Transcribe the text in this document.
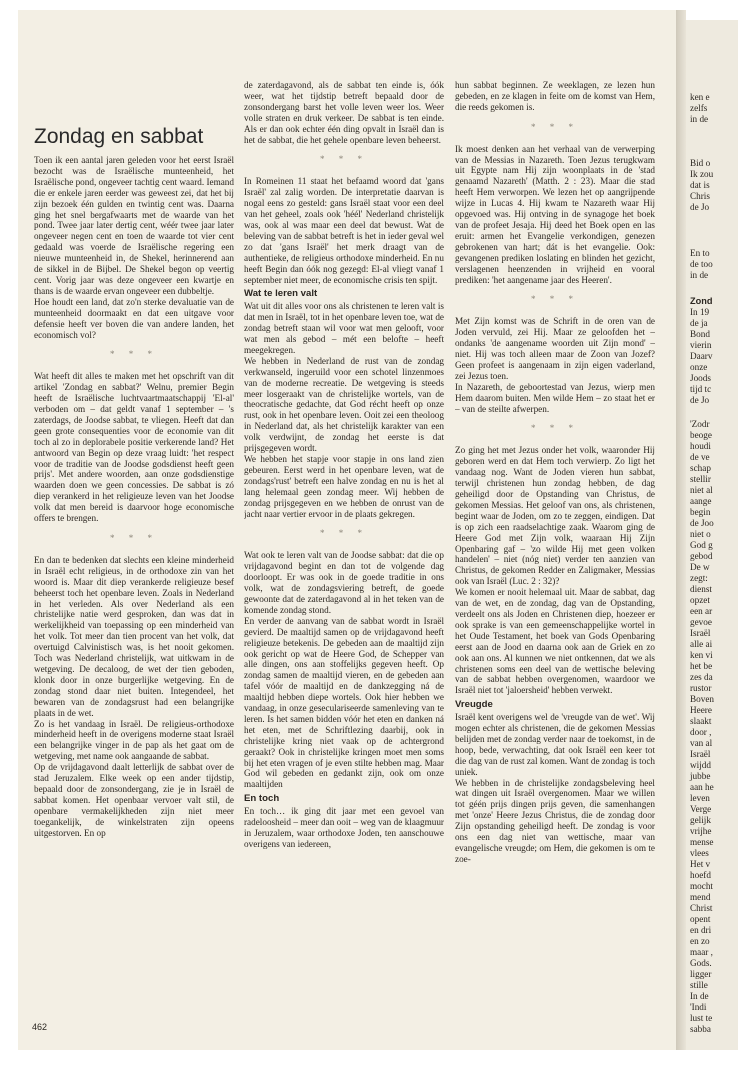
ken e
zelfs
in de
Bid o
Ik zou
dat is
Chris
de Jo
En to
de too
in de
Zond
In 19
de ja
Bond
vierin
Daarv
onze
Joods
tijd tc
de Jo
'Zodr
beoge
houdi
de ve
schap
stellir
niet al
aange
begin
de Joo
niet o
God g
gebod
De w
zegt:
dienst
opzet
een ar
gevoe
Israël
alle ai
ken vi
het be
zes da
rustor
Boven
Heere
slaakt
door ,
van al
Israël
wijdd
jubbe
aan he
leven
Verge
gelijk
vrijhe
mense
vlees
Het v
hoefd
mocht
mend
Christ
opent
en dri
en zo
maar ,
Gods.
ligger
stille
In de
'Indi
lust te
sabba
Zondag en sabbat

Toen ik een aantal jaren geleden voor het eerst Israël bezocht was de Israëlische munteenheid, het Israëlische pond, ongeveer tachtig cent waard. Iemand die er enkele jaren eerder was geweest zei, dat het bij zijn bezoek één gulden en twintig cent was. Daarna ging het snel bergafwaarts met de waarde van het pond. Twee jaar later dertig cent, wéér twee jaar later ongeveer negen cent en toen de waarde tot vier cent gedaald was voerde de Israëlische regering een nieuwe munteenheid in, de Shekel, herinnerend aan de sikkel in de Bijbel. De Shekel begon op veertig cent. Vorig jaar was deze ongeveer een kwartje en thans is de waarde ervan ongeveer een dubbeltje.

Hoe houdt een land, dat zo'n sterke devaluatie van de munteenheid doormaakt en dat een uitgave voor defensie heeft ver boven die van andere landen, het economisch vol?

* * *

Wat heeft dit alles te maken met het opschrift van dit artikel 'Zondag en sabbat?' Welnu, premier Begin heeft de Israëlische luchtvaartmaatschappij 'El-al' verboden om – dat geldt vanaf 1 september – 's zaterdags, de Joodse sabbat, te vliegen. Heeft dat dan geen grote consequenties voor de economie van dit toch al zo in deplorabele positie verkerende land? Het antwoord van Begin op deze vraag luidt: 'het respect voor de traditie van de Joodse godsdienst heeft geen prijs'. Met andere woorden, aan onze godsdienstige waarden doen we geen concessies. De sabbat is zó diep verankerd in het religieuze leven van het Joodse volk dat men bereid is daarvoor hoge economische offers te brengen.

* * *

En dan te bedenken dat slechts een kleine minderheid in Israël echt religieus, in de orthodoxe zin van het woord is. Maar dit diep verankerde religieuze besef beheerst toch het openbare leven. Zoals in Nederland in het verleden. Als over Nederland als een christelijke natie werd gesproken, dan was dat in werkelijkheid van toepassing op een minderheid van het volk. Tot meer dan tien procent van het volk, dat overtuigd Calvinistisch was, is het nooit gekomen. Toch was Nederland christelijk, wat uitkwam in de wetgeving. De decaloog, de wet der tien geboden, klonk door in onze burgerlijke wetgeving. En de zondag stond daar niet buiten. Integendeel, het bewaren van de zondagsrust had een belangrijke plaats in de wet.

Zo is het vandaag in Israël. De religieus-orthodoxe minderheid heeft in de overigens moderne staat Israël een belangrijke vinger in de pap als het gaat om de wetgeving, met name ook aangaande de sabbat.

Op de vrijdagavond daalt letterlijk de sabbat over de stad Jeruzalem. Elke week op een ander tijdstip, bepaald door de zonsondergang, zie je in Israël de sabbat komen. Het openbaar vervoer valt stil, de openbare vermakelijkheden zijn niet meer toegankelijk, de winkelstraten zijn opeens uitgestorven. En op

de zaterdagavond, als de sabbat ten einde is, óók weer, wat het tijdstip betreft bepaald door de zonsondergang barst het volle leven weer los. Weer volle straten en druk verkeer. De sabbat is ten einde. Als er dan ook echter één ding opvalt in Israël dan is het de sabbat, die het gehele openbare leven beheerst.

* * *

In Romeinen 11 staat het befaamd woord dat 'gans Israël' zal zalig worden. De interpretatie daarvan is nogal eens zo gesteld: gans Israël staat voor een deel van het geheel, zoals ook 'héél' Nederland christelijk was, ook al was maar een deel dat bewust. Wat de beleving van de sabbat betreft is het in ieder geval wel zo dat 'gans Israël' het merk draagt van de authentieke, de religieus orthodoxe minderheid. En nu heeft Begin dan óók nog gezegd: El-al vliegt vanaf 1 september niet meer, de economische crisis ten spijt.

Wat te leren valt

Wat uit dit alles voor ons als christenen te leren valt is dat men in Israël, tot in het openbare leven toe, wat de zondag betreft staan wil voor wat men gelooft, voor wat men als gebod – mét een belofte – heeft meegekregen.

We hebben in Nederland de rust van de zondag verkwanseld, ingeruild voor een schotel linzenmoes van de moderne recreatie. De wetgeving is steeds meer losgeraakt van de christelijke wortels, van de theocratische gedachte, dat God récht heeft op onze rust, ook in het openbare leven. Ooit zei een theoloog in Nederland dat, als het christelijk karakter van een volk verdwijnt, de zondag het eerste is dat prijsgegeven wordt.

We hebben het stapje voor stapje in ons land zien gebeuren. Eerst werd in het openbare leven, wat de zondags'rust' betreft een halve zondag en nu is het al lang helemaal geen zondag meer. Wij hebben de zondag prijsgegeven en we hebben de onrust van de jacht naar vertier ervoor in de plaats gekregen.

* * *

Wat ook te leren valt van de Joodse sabbat: dat die op vrijdagavond begint en dan tot de volgende dag doorloopt. Er was ook in de goede traditie in ons volk, wat de zondagsviering betreft, de goede gewoonte dat de zaterdagavond al in het teken van de komende zondag stond.

En verder de aanvang van de sabbat wordt in Israël gevierd. De maaltijd samen op de vrijdagavond heeft religieuze betekenis. De gebeden aan de maaltijd zijn ook gericht op wat de Heere God, de Schepper van alle dingen, ons aan stoffelijks gegeven heeft. Op zondag samen de maaltijd vieren, en de gebeden aan tafel vóór de maaltijd en de dankzegging ná de maaltijd hebben diepe wortels. Ook hier hebben we vandaag, in onze geseculariseerde samenleving van te leren. Is het samen bidden vóór het eten en danken ná het eten, met de Schriftlezing daarbij, ook in christelijke kring niet vaak op de achtergrond geraakt? Ook in christelijke kringen moet men soms bij het eten vragen of je even stilte hebben mag. Maar God wil gebeden en gedankt zijn, ook om onze maaltijden

En toch

En toch… ik ging dit jaar met een gevoel van radeloosheid – meer dan ooit – weg van de klaagmuur in Jeruzalem, waar orthodoxe Joden, ten aanschouwe overigens van iedereen,

hun sabbat beginnen. Ze weeklagen, ze lezen hun gebeden, en ze klagen in feite om de komst van Hem, die reeds gekomen is.

* * *

Ik moest denken aan het verhaal van de verwerping van de Messias in Nazareth. Toen Jezus terugkwam uit Egypte nam Hij zijn woonplaats in de 'stad genaamd Nazareth' (Matth. 2 : 23). Maar die stad heeft Hem verworpen. We lezen het op aangrijpende wijze in Lucas 4. Hij kwam te Nazareth waar Hij opgevoed was. Hij ontving in de synagoge het boek van de profeet Jesaja. Hij deed het Boek open en las eruit: armen het Evangelie verkondigen, genezen gebrokenen van hart; dát is het evangelie. Ook: gevangenen prediken loslating en blinden het gezicht, verslagenen heenzenden in vrijheid en vooral prediken: 'het aangename jaar des Heeren'.

* * *

Met Zijn komst was de Schrift in de oren van de Joden vervuld, zei Hij. Maar ze geloofden het – ondanks 'de aangename woorden uit Zijn mond' – niet. Hij was toch alleen maar de Zoon van Jozef? Geen profeet is aangenaam in zijn eigen vaderland, zei Jezus toen.

In Nazareth, de geboortestad van Jezus, wierp men Hem daarom buiten. Men wilde Hem – zo staat het er – van de steilte afwerpen.

* * *

Zo ging het met Jezus onder het volk, waaronder Hij geboren werd en dat Hem toch verwierp. Zo ligt het vandaag nog. Want de Joden vieren hun sabbat, terwijl christenen hun zondag hebben, de dag geheiligd door de Opstanding van Christus, de gekomen Messias. Het geloof van ons, als christenen, begint waar de Joden, om zo te zeggen, eindigen. Dat is op zich een raadselachtige zaak. Waarom ging de Heere God met Zijn volk, waaraan Hij Zijn Openbaring gaf – 'zo wilde Hij met geen volken handelen' – niet (nóg niet) verder ten aanzien van Christus, de gekomen Redder en Zaligmaker, Messias ook van Israël (Luc. 2 : 32)?

We komen er nooit helemaal uit. Maar de sabbat, dag van de wet, en de zondag, dag van de Opstanding, verdeelt ons als Joden en Christenen diep, hoezeer er ook sprake is van een gemeenschappelijke wortel in het Oude Testament, het boek van Gods Openbaring eerst aan de Jood en daarna ook aan de Griek en zo ook aan ons. Al kunnen we niet ontkennen, dat we als christenen soms een deel van de wettische beleving van de sabbat hebben overgenomen, waardoor we Israël niet tot 'jaloersheid' hebben verwekt.

Vreugde

Israël kent overigens wel de 'vreugde van de wet'. Wij mogen echter als christenen, die de gekomen Messias belijden met de zondag verder naar de toekomst, in de hoop, bede, verwachting, dat ook Israël een keer tot die dag van de rust zal komen. Want de zondag is toch uniek.

We hebben in de christelijke zondagsbeleving heel wat dingen uit Israël overgenomen. Maar we willen tot géén prijs dingen prijs geven, die samenhangen met 'onze' Heere Jezus Christus, die de zondag door Zijn opstanding geheiligd heeft. De zondag is voor ons een dag niet van wettische, maar van evangelische vreugde; om Hem, die gekomen is om te zoe-

462
